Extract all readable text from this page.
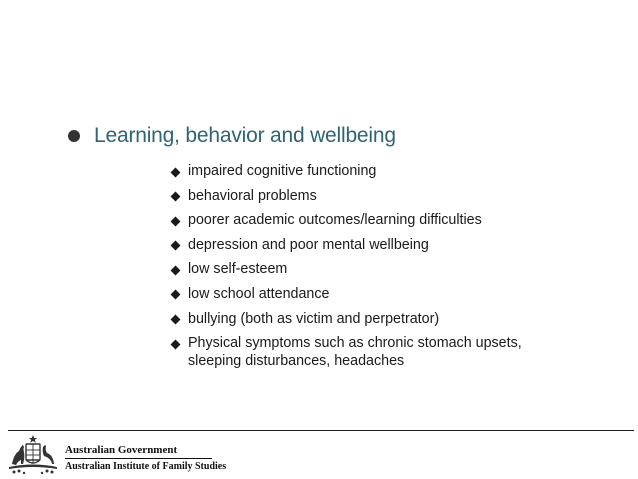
Learning, behavior and wellbeing
impaired cognitive functioning
behavioral problems
poorer academic outcomes/learning difficulties
depression and poor mental wellbeing
low self-esteem
low school attendance
bullying (both as victim and perpetrator)
Physical symptoms such as chronic stomach upsets,
sleeping disturbances, headaches
Australian Government
Australian Institute of Family Studies
